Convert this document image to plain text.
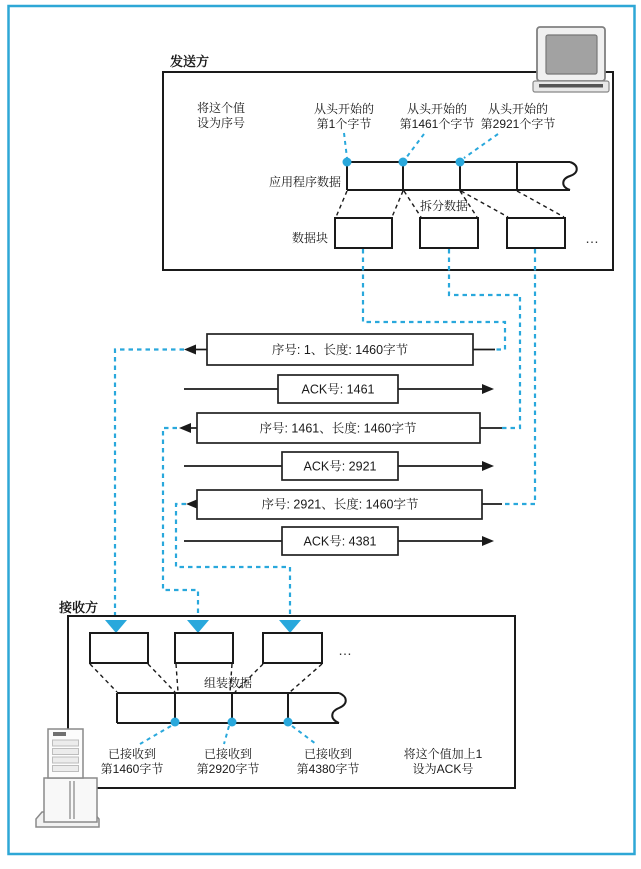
发送方
将这个值
设为序号
从头开始的
第1个字节
从头开始的
第1461个字节
从头开始的
第2921个字节
应用程序数据
拆分数据
数据块	…
序号: 1、长度: 1460字节
ACK号: 1461
序号: 1461、长度: 1460字节
ACK号: 2921
序号: 2921、长度: 1460字节
ACK号: 4381
接收方
…
组装数据
已接收到
第1460字节
已接收到
第2920字节
已接收到
第4380字节
将这个值加上1
设为ACK号
